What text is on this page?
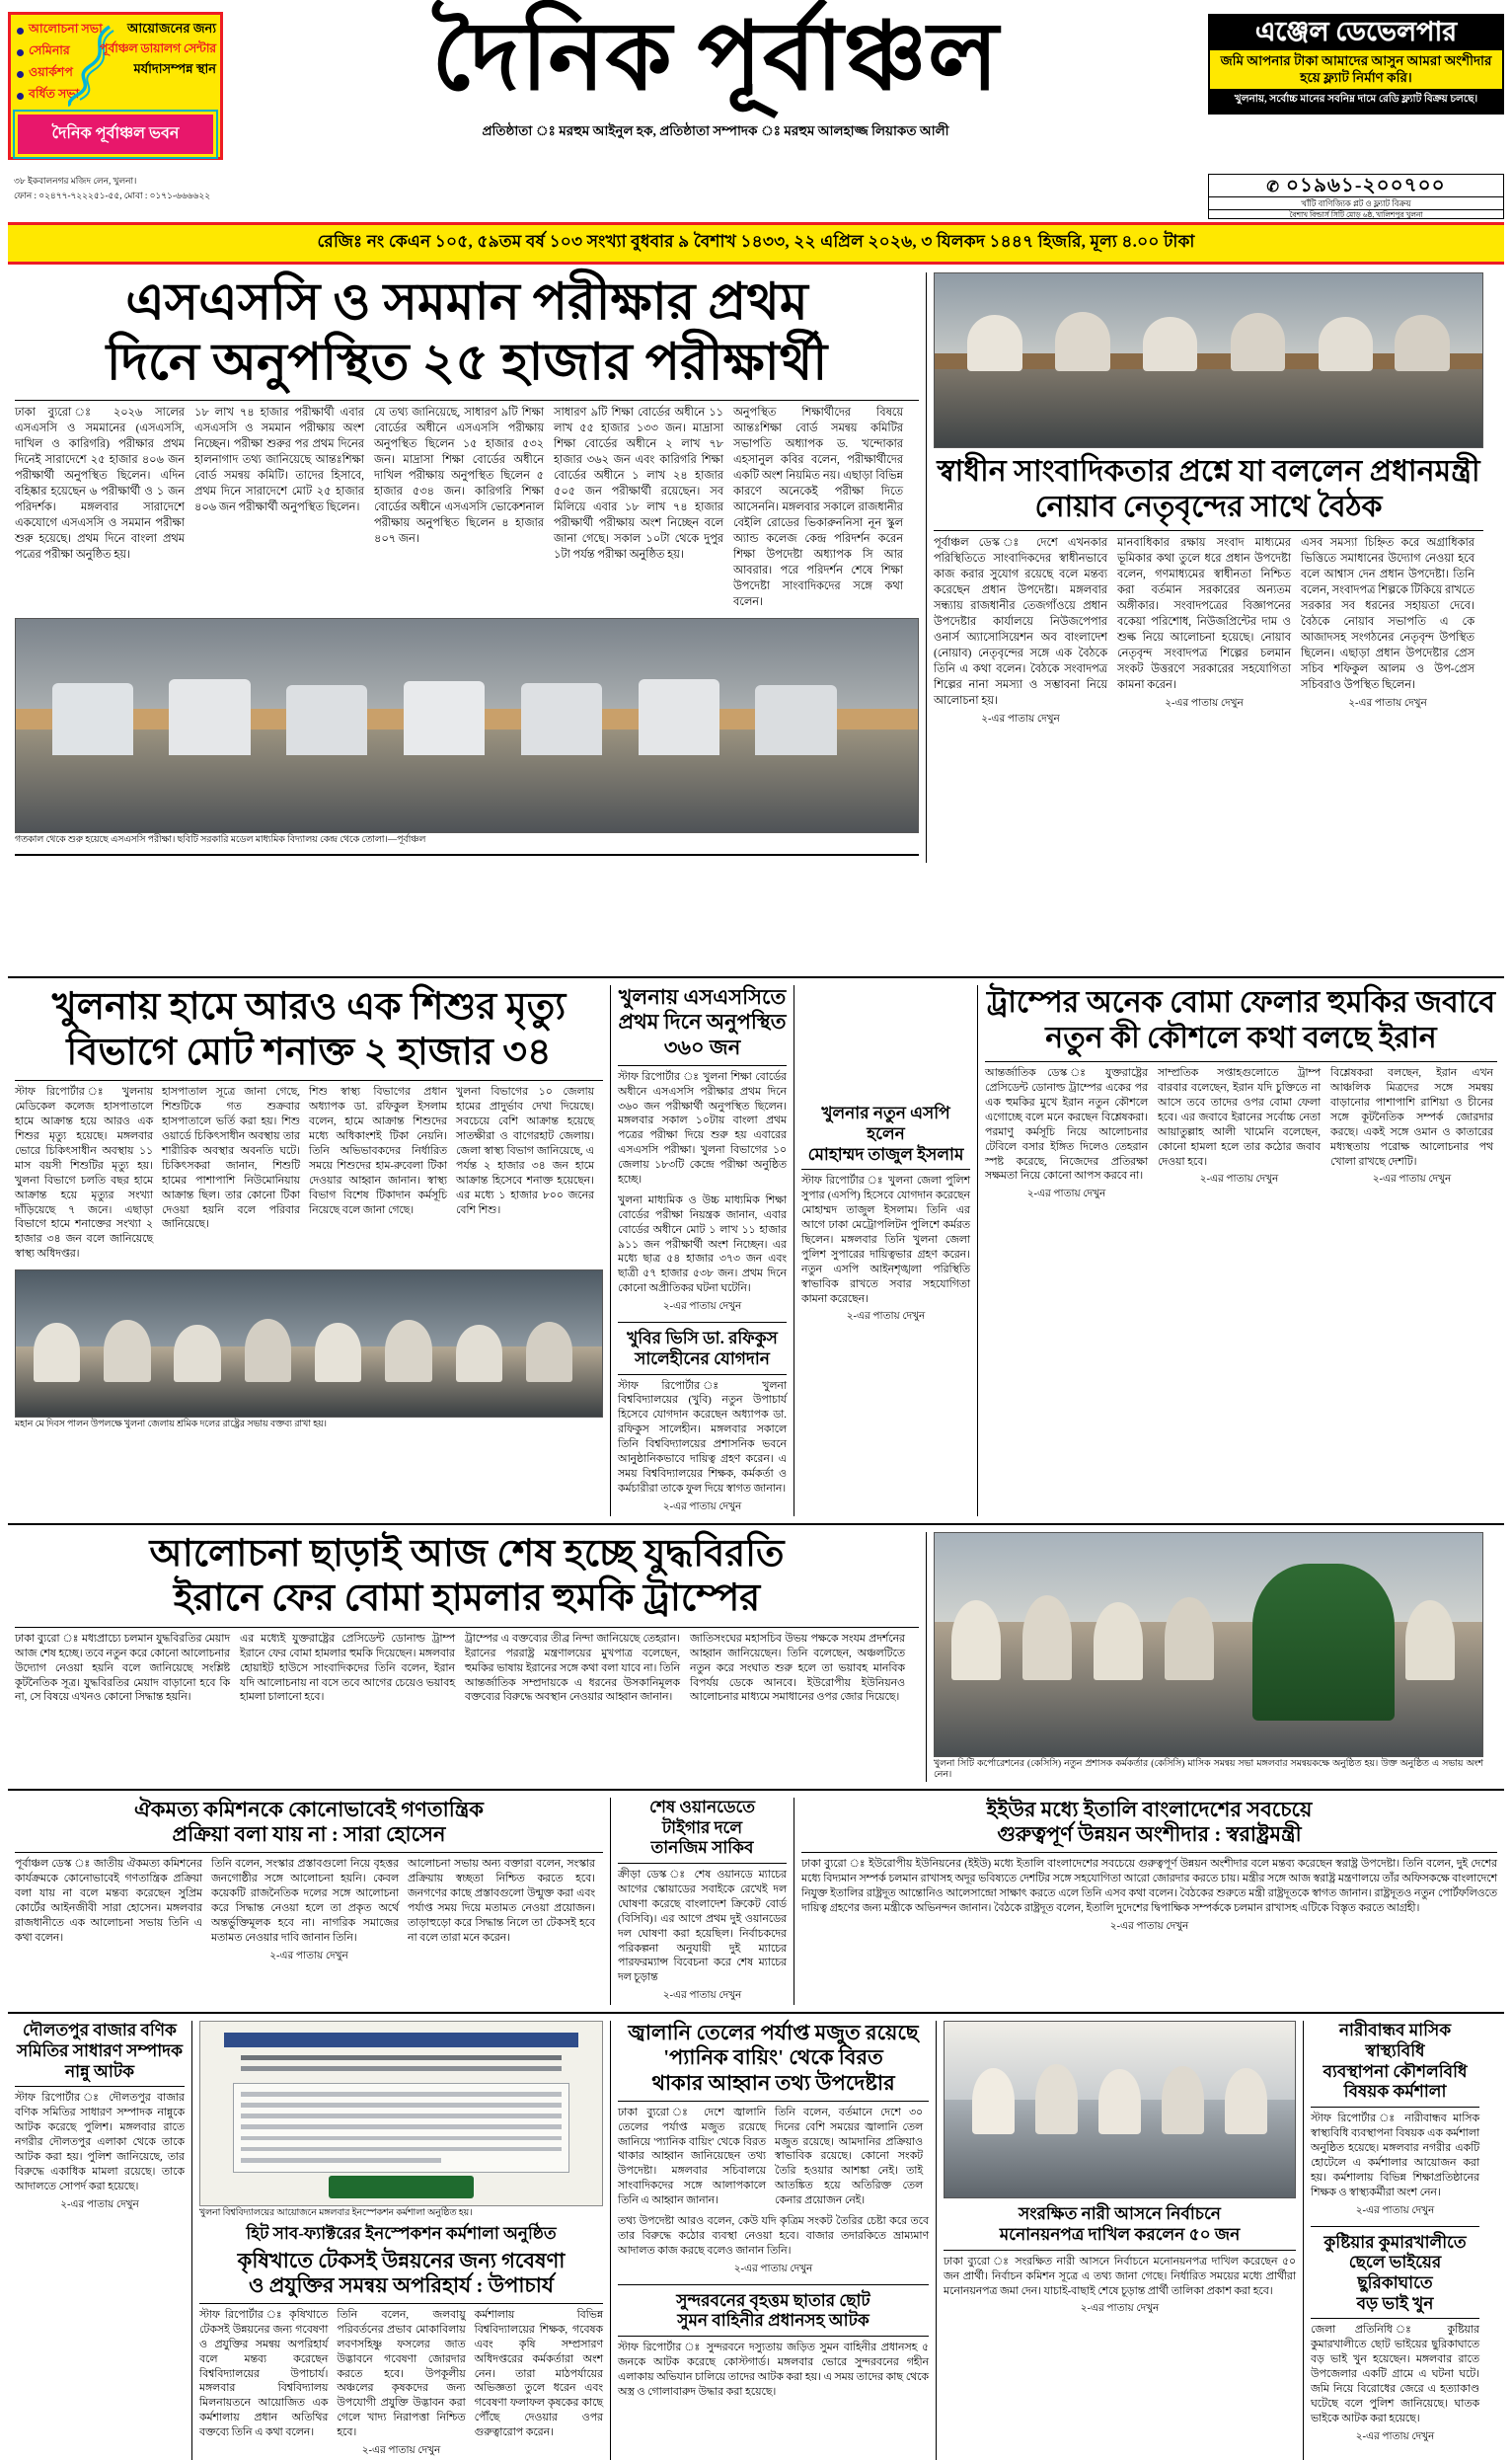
আলোচনা সভা
সেমিনার
ওয়ার্কশপ
বর্ধিত সভা
আয়োজনের জন্য
পূর্বাঞ্চল ডায়ালগ সেন্টার
মর্যাদাসম্পন্ন স্থান
দৈনিক পূর্বাঞ্চল ভবন
দৈনিক পূর্বাঞ্চল
প্রতিষ্ঠাতা ঃ মরহুম আইনুল হক, প্রতিষ্ঠাতা সম্পাদক ঃ মরহুম আলহাজ্জ লিয়াকত আলী
এঞ্জেল ডেভেলপার
জমি আপনার টাকা আমাদের আসুন আমরা অংশীদার হয়ে ফ্ল্যাট নির্মাণ করি।
খুলনায়, সর্বোচ্চ মানের সবনিম্ন দামে রেডি ফ্ল্যাট বিক্রয় চলছে।
৩৮ ইকবালনগর মজিদ লেন, খুলনা।
ফোন : ০২৪৭৭-৭২২২৫১-৫৫, মোবা : ০১৭১-৬৬৬৬২২	✆ ০১৯৬১-২০০৭০০
খাঁটি বাণিজ্যিক প্লট ও ফ্ল্যাট বিক্রয়
বৈশাখ বিল্ডার্স সিটি মোড় ৬ষ্ঠ, খালিশপুর খুলনা
রেজিঃ নং কেএন ১০৫, ৫৯তম বর্ষ ১০৩ সংখ্যা বুধবার ৯ বৈশাখ ১৪৩৩, ২২ এপ্রিল ২০২৬, ৩ যিলকদ ১৪৪৭ হিজরি, মূল্য ৪.০০ টাকা
এসএসসি ও সমমান পরীক্ষার প্রথম
দিনে অনুপস্থিত ২৫ হাজার পরীক্ষার্থী

ঢাকা ব্যুরো ঃ ২০২৬ সালের এসএসসি ও সমমানের (এসএসসি, দাখিল ও কারিগরি) পরীক্ষার প্রথম দিনেই সারাদেশে ২৫ হাজার ৪০৬ জন পরীক্ষার্থী অনুপস্থিত ছিলেন। এদিন বহিষ্কার হয়েছেন ৬ পরীক্ষার্থী ও ১ জন পরিদর্শক। মঙ্গলবার সারাদেশে একযোগে এসএসসি ও সমমান পরীক্ষা শুরু হয়েছে। প্রথম দিনে বাংলা প্রথম পত্রের পরীক্ষা অনুষ্ঠিত হয়।

১৮ লাখ ৭৪ হাজার পরীক্ষার্থী এবার এসএসসি ও সমমান পরীক্ষায় অংশ নিচ্ছেন। পরীক্ষা শুরুর পর প্রথম দিনের হালনাগাদ তথ্য জানিয়েছে আন্তঃশিক্ষা বোর্ড সমন্বয় কমিটি। তাদের হিসাবে, প্রথম দিনে সারাদেশে মোট ২৫ হাজার ৪০৬ জন পরীক্ষার্থী অনুপস্থিত ছিলেন।

যে তথ্য জানিয়েছে, সাধারণ ৯টি শিক্ষা বোর্ডের অধীনে এসএসসি পরীক্ষায় অনুপস্থিত ছিলেন ১৫ হাজার ৫৩২ জন। মাদ্রাসা শিক্ষা বোর্ডের অধীনে দাখিল পরীক্ষায় অনুপস্থিত ছিলেন ৫ হাজার ৫৩৪ জন। কারিগরি শিক্ষা বোর্ডের অধীনে এসএসসি ভোকেশনাল পরীক্ষায় অনুপস্থিত ছিলেন ৪ হাজার ৪০৭ জন।

সাধারণ ৯টি শিক্ষা বোর্ডের অধীনে ১১ লাখ ৫৫ হাজার ১৩৩ জন। মাদ্রাসা শিক্ষা বোর্ডের অধীনে ২ লাখ ৭৮ হাজার ৩৬২ জন এবং কারিগরি শিক্ষা বোর্ডের অধীনে ১ লাখ ২৪ হাজার ৫০৫ জন পরীক্ষার্থী রয়েছেন। সব মিলিয়ে এবার ১৮ লাখ ৭৪ হাজার পরীক্ষার্থী পরীক্ষায় অংশ নিচ্ছেন বলে জানা গেছে। সকাল ১০টা থেকে দুপুর ১টা পর্যন্ত পরীক্ষা অনুষ্ঠিত হয়।

অনুপস্থিত শিক্ষার্থীদের বিষয়ে আন্তঃশিক্ষা বোর্ড সমন্বয় কমিটির সভাপতি অধ্যাপক ড. খন্দোকার এহসানুল কবির বলেন, পরীক্ষার্থীদের একটি অংশ নিয়মিত নয়। এছাড়া বিভিন্ন কারণে অনেকেই পরীক্ষা দিতে আসেননি। মঙ্গলবার সকালে রাজধানীর বেইলি রোডের ভিকারুননিসা নূন স্কুল অ্যান্ড কলেজ কেন্দ্র পরিদর্শন করেন শিক্ষা উপদেষ্টা অধ্যাপক সি আর আবরার। পরে পরিদর্শন শেষে শিক্ষা উপদেষ্টা সাংবাদিকদের সঙ্গে কথা বলেন।

গতকাল থেকে শুরু হয়েছে এসএসসি পরীক্ষা। ছবিটি সরকারি মডেল মাধ্যমিক বিদ্যালয় কেন্দ্র থেকে তোলা।—পূর্বাঞ্চল
স্বাধীন সাংবাদিকতার প্রশ্নে যা বললেন প্রধানমন্ত্রী
নোয়াব নেতৃবৃন্দের সাথে বৈঠক

পূর্বাঞ্চল ডেস্ক ঃ দেশে এখনকার পরিস্থিতিতে সাংবাদিকদের স্বাধীনভাবে কাজ করার সুযোগ রয়েছে বলে মন্তব্য করেছেন প্রধান উপদেষ্টা। মঙ্গলবার সন্ধ্যায় রাজধানীর তেজগাঁওয়ে প্রধান উপদেষ্টার কার্যালয়ে নিউজপেপার ওনার্স অ্যাসোসিয়েশন অব বাংলাদেশ (নোয়াব) নেতৃবৃন্দের সঙ্গে এক বৈঠকে তিনি এ কথা বলেন। বৈঠকে সংবাদপত্র শিল্পের নানা সমস্যা ও সম্ভাবনা নিয়ে আলোচনা হয়।

২-এর পাতায় দেখুন

মানবাধিকার রক্ষায় সংবাদ মাধ্যমের ভূমিকার কথা তুলে ধরে প্রধান উপদেষ্টা বলেন, গণমাধ্যমের স্বাধীনতা নিশ্চিত করা বর্তমান সরকারের অন্যতম অঙ্গীকার। সংবাদপত্রের বিজ্ঞাপনের বকেয়া পরিশোধ, নিউজপ্রিন্টের দাম ও শুল্ক নিয়ে আলোচনা হয়েছে। নোয়াব নেতৃবৃন্দ সংবাদপত্র শিল্পের চলমান সংকট উত্তরণে সরকারের সহযোগিতা কামনা করেন।

২-এর পাতায় দেখুন

এসব সমস্যা চিহ্নিত করে অগ্রাধিকার ভিত্তিতে সমাধানের উদ্যোগ নেওয়া হবে বলে আশ্বাস দেন প্রধান উপদেষ্টা। তিনি বলেন, সংবাদপত্র শিল্পকে টিকিয়ে রাখতে সরকার সব ধরনের সহায়তা দেবে। বৈঠকে নোয়াব সভাপতি এ কে আজাদসহ সংগঠনের নেতৃবৃন্দ উপস্থিত ছিলেন। এছাড়া প্রধান উপদেষ্টার প্রেস সচিব শফিকুল আলম ও উপ-প্রেস সচিবরাও উপস্থিত ছিলেন।

২-এর পাতায় দেখুন
খুলনায় হামে আরও এক শিশুর মৃত্যু
বিভাগে মোট শনাক্ত ২ হাজার ৩৪

স্টাফ রিপোর্টার ঃ খুলনায় মেডিকেল কলেজ হাসপাতালে হামে আক্রান্ত হয়ে আরও এক শিশুর মৃত্যু হয়েছে। মঙ্গলবার ভোরে চিকিৎসাধীন অবস্থায় ১১ মাস বয়সী শিশুটির মৃত্যু হয়। খুলনা বিভাগে চলতি বছর হামে আক্রান্ত হয়ে মৃত্যুর সংখ্যা দাঁড়িয়েছে ৭ জনে। এছাড়া বিভাগে হামে শনাক্তের সংখ্যা ২ হাজার ৩৪ জন বলে জানিয়েছে স্বাস্থ্য অধিদপ্তর।

হাসপাতাল সূত্রে জানা গেছে, শিশুটিকে গত শুক্রবার হাসপাতালে ভর্তি করা হয়। শিশু ওয়ার্ডে চিকিৎসাধীন অবস্থায় তার শারীরিক অবস্থার অবনতি ঘটে। চিকিৎসকরা জানান, শিশুটি হামের পাশাপাশি নিউমোনিয়ায় আক্রান্ত ছিল। তার কোনো টিকা দেওয়া হয়নি বলে পরিবার জানিয়েছে।

শিশু স্বাস্থ্য বিভাগের প্রধান অধ্যাপক ডা. রফিকুল ইসলাম বলেন, হামে আক্রান্ত শিশুদের মধ্যে অধিকাংশই টিকা নেয়নি। তিনি অভিভাবকদের নির্ধারিত সময়ে শিশুদের হাম-রুবেলা টিকা দেওয়ার আহ্বান জানান। স্বাস্থ্য বিভাগ বিশেষ টিকাদান কর্মসূচি নিয়েছে বলে জানা গেছে।

খুলনা বিভাগের ১০ জেলায় হামের প্রাদুর্ভাব দেখা দিয়েছে। সবচেয়ে বেশি আক্রান্ত হয়েছে সাতক্ষীরা ও বাগেরহাট জেলায়। জেলা স্বাস্থ্য বিভাগ জানিয়েছে, এ পর্যন্ত ২ হাজার ৩৪ জন হামে আক্রান্ত হিসেবে শনাক্ত হয়েছেন। এর মধ্যে ১ হাজার ৮০০ জনের বেশি শিশু।

মহান মে দিবস পালন উপলক্ষে খুলনা জেলায় শ্রমিক দলের রাষ্ট্রের সভায় বক্তব্য রাখা হয়।
খুলনায় এসএসসিতে
প্রথম দিনে অনুপস্থিত
৩৬০ জন

স্টাফ রিপোর্টার ঃ খুলনা শিক্ষা বোর্ডের অধীনে এসএসসি পরীক্ষার প্রথম দিনে ৩৬০ জন পরীক্ষার্থী অনুপস্থিত ছিলেন। মঙ্গলবার সকাল ১০টায় বাংলা প্রথম পত্রের পরীক্ষা দিয়ে শুরু হয় এবারের এসএসসি পরীক্ষা। খুলনা বিভাগের ১০ জেলায় ১৮৩টি কেন্দ্রে পরীক্ষা অনুষ্ঠিত হচ্ছে।

খুলনা মাধ্যমিক ও উচ্চ মাধ্যমিক শিক্ষা বোর্ডের পরীক্ষা নিয়ন্ত্রক জানান, এবার বোর্ডের অধীনে মোট ১ লাখ ১১ হাজার ৯১১ জন পরীক্ষার্থী অংশ নিচ্ছেন। এর মধ্যে ছাত্র ৫৪ হাজার ৩৭৩ জন এবং ছাত্রী ৫৭ হাজার ৫৩৮ জন। প্রথম দিনে কোনো অপ্রীতিকর ঘটনা ঘটেনি।

২-এর পাতায় দেখুন
খুবির ভিসি ডা. রফিকুস
সালেহীনের যোগদান

স্টাফ রিপোর্টার ঃ খুলনা বিশ্ববিদ্যালয়ের (খুবি) নতুন উপাচার্য হিসেবে যোগদান করেছেন অধ্যাপক ডা. রফিকুস সালেহীন। মঙ্গলবার সকালে তিনি বিশ্ববিদ্যালয়ের প্রশাসনিক ভবনে আনুষ্ঠানিকভাবে দায়িত্ব গ্রহণ করেন। এ সময় বিশ্ববিদ্যালয়ের শিক্ষক, কর্মকর্তা ও কর্মচারীরা তাকে ফুল দিয়ে স্বাগত জানান।

২-এর পাতায় দেখুন
খুলনার নতুন এসপি হলেন
মোহাম্মদ তাজুল ইসলাম

স্টাফ রিপোর্টার ঃ খুলনা জেলা পুলিশ সুপার (এসপি) হিসেবে যোগদান করেছেন মোহাম্মদ তাজুল ইসলাম। তিনি এর আগে ঢাকা মেট্রোপলিটন পুলিশে কর্মরত ছিলেন। মঙ্গলবার তিনি খুলনা জেলা পুলিশ সুপারের দায়িত্বভার গ্রহণ করেন। নতুন এসপি আইনশৃঙ্খলা পরিস্থিতি স্বাভাবিক রাখতে সবার সহযোগিতা কামনা করেছেন।

২-এর পাতায় দেখুন
ট্রাম্পের অনেক বোমা ফেলার হুমকির জবাবে
নতুন কী কৌশলে কথা বলছে ইরান

আন্তর্জাতিক ডেস্ক ঃ যুক্তরাষ্ট্রের প্রেসিডেন্ট ডোনাল্ড ট্রাম্পের একের পর এক হুমকির মুখে ইরান নতুন কৌশলে এগোচ্ছে বলে মনে করছেন বিশ্লেষকরা। পরমাণু কর্মসূচি নিয়ে আলোচনার টেবিলে বসার ইঙ্গিত দিলেও তেহরান স্পষ্ট করেছে, নিজেদের প্রতিরক্ষা সক্ষমতা নিয়ে কোনো আপস করবে না।

২-এর পাতায় দেখুন

সাম্প্রতিক সপ্তাহগুলোতে ট্রাম্প বারবার বলেছেন, ইরান যদি চুক্তিতে না আসে তবে তাদের ওপর বোমা ফেলা হবে। এর জবাবে ইরানের সর্বোচ্চ নেতা আয়াতুল্লাহ আলী খামেনি বলেছেন, কোনো হামলা হলে তার কঠোর জবাব দেওয়া হবে।

২-এর পাতায় দেখুন

বিশ্লেষকরা বলছেন, ইরান এখন আঞ্চলিক মিত্রদের সঙ্গে সমন্বয় বাড়ানোর পাশাপাশি রাশিয়া ও চীনের সঙ্গে কূটনৈতিক সম্পর্ক জোরদার করছে। একই সঙ্গে ওমান ও কাতারের মধ্যস্থতায় পরোক্ষ আলোচনার পথ খোলা রাখছে দেশটি।

২-এর পাতায় দেখুন
আলোচনা ছাড়াই আজ শেষ হচ্ছে যুদ্ধবিরতি
ইরানে ফের বোমা হামলার হুমকি ট্রাম্পের

ঢাকা ব্যুরো ঃ মধ্যপ্রাচ্যে চলমান যুদ্ধবিরতির মেয়াদ আজ শেষ হচ্ছে। তবে নতুন করে কোনো আলোচনার উদ্যোগ নেওয়া হয়নি বলে জানিয়েছে সংশ্লিষ্ট কূটনৈতিক সূত্র। যুদ্ধবিরতির মেয়াদ বাড়ানো হবে কি না, সে বিষয়ে এখনও কোনো সিদ্ধান্ত হয়নি।

এর মধ্যেই যুক্তরাষ্ট্রের প্রেসিডেন্ট ডোনাল্ড ট্রাম্প ইরানে ফের বোমা হামলার হুমকি দিয়েছেন। মঙ্গলবার হোয়াইট হাউসে সাংবাদিকদের তিনি বলেন, ইরান যদি আলোচনায় না বসে তবে আগের চেয়েও ভয়াবহ হামলা চালানো হবে।

ট্রাম্পের এ বক্তব্যের তীব্র নিন্দা জানিয়েছে তেহরান। ইরানের পররাষ্ট্র মন্ত্রণালয়ের মুখপাত্র বলেছেন, হুমকির ভাষায় ইরানের সঙ্গে কথা বলা যাবে না। তিনি আন্তর্জাতিক সম্প্রদায়কে এ ধরনের উসকানিমূলক বক্তব্যের বিরুদ্ধে অবস্থান নেওয়ার আহ্বান জানান।

জাতিসংঘের মহাসচিব উভয় পক্ষকে সংযম প্রদর্শনের আহ্বান জানিয়েছেন। তিনি বলেছেন, অঞ্চলটিতে নতুন করে সংঘাত শুরু হলে তা ভয়াবহ মানবিক বিপর্যয় ডেকে আনবে। ইউরোপীয় ইউনিয়নও আলোচনার মাধ্যমে সমাধানের ওপর জোর দিয়েছে।

খুলনা সিটি কর্পোরেশনের (কেসিসি) নতুন প্রশাসক কর্মকর্তার (কেসিসি) মাসিক সমন্বয় সভা মঙ্গলবার সমন্বয়কক্ষে অনুষ্ঠিত হয়। উক্ত অনুষ্ঠিত এ সভায় অংশ নেন।
ঐকমত্য কমিশনকে কোনোভাবেই গণতান্ত্রিক
প্রক্রিয়া বলা যায় না : সারা হোসেন

পূর্বাঞ্চল ডেস্ক ঃ জাতীয় ঐকমত্য কমিশনের কার্যক্রমকে কোনোভাবেই গণতান্ত্রিক প্রক্রিয়া বলা যায় না বলে মন্তব্য করেছেন সুপ্রিম কোর্টের আইনজীবী সারা হোসেন। মঙ্গলবার রাজধানীতে এক আলোচনা সভায় তিনি এ কথা বলেন।

তিনি বলেন, সংস্কার প্রস্তাবগুলো নিয়ে বৃহত্তর জনগোষ্ঠীর সঙ্গে আলোচনা হয়নি। কেবল কয়েকটি রাজনৈতিক দলের সঙ্গে আলোচনা করে সিদ্ধান্ত নেওয়া হলে তা প্রকৃত অর্থে অন্তর্ভুক্তিমূলক হবে না। নাগরিক সমাজের মতামত নেওয়ার দাবি জানান তিনি।

আলোচনা সভায় অন্য বক্তারা বলেন, সংস্কার প্রক্রিয়ায় স্বচ্ছতা নিশ্চিত করতে হবে। জনগণের কাছে প্রস্তাবগুলো উন্মুক্ত করা এবং পর্যাপ্ত সময় দিয়ে মতামত নেওয়া প্রয়োজন। তাড়াহুড়ো করে সিদ্ধান্ত নিলে তা টেকসই হবে না বলে তারা মনে করেন।

২-এর পাতায় দেখুন
শেষ ওয়ানডেতে
টাইগার দলে
তানজিম সাকিব

ক্রীড়া ডেস্ক ঃ শেষ ওয়ানডে ম্যাচের আগের স্কোয়াডের সবাইকে রেখেই দল ঘোষণা করেছে বাংলাদেশ ক্রিকেট বোর্ড (বিসিবি)। এর আগে প্রথম দুই ওয়ানডের দল ঘোষণা করা হয়েছিল। নির্বাচকদের পরিকল্পনা অনুযায়ী দুই ম্যাচের পারফরম্যান্স বিবেচনা করে শেষ ম্যাচের দল চূড়ান্ত

২-এর পাতায় দেখুন
ইইউর মধ্যে ইতালি বাংলাদেশের সবচেয়ে
গুরুত্বপূর্ণ উন্নয়ন অংশীদার : স্বরাষ্ট্রমন্ত্রী

ঢাকা ব্যুরো ঃ ইউরোপীয় ইউনিয়নের (ইইউ) মধ্যে ইতালি বাংলাদেশের সবচেয়ে গুরুত্বপূর্ণ উন্নয়ন অংশীদার বলে মন্তব্য করেছেন স্বরাষ্ট্র উপদেষ্টা। তিনি বলেন, দুই দেশের মধ্যে বিদ্যমান সম্পর্ক চলমান রাখাসহ অদূর ভবিষ্যতে দেশটির সঙ্গে সহযোগিতা আরো জোরদার করতে চায়। মন্ত্রীর সঙ্গে আজ স্বরাষ্ট্র মন্ত্রণালয়ে তাঁর অফিসকক্ষে বাংলাদেশে নিযুক্ত ইতালির রাষ্ট্রদূত আন্তোনিও আলেসান্দ্রো সাক্ষাৎ করতে এলে তিনি এসব কথা বলেন। বৈঠকের শুরুতে মন্ত্রী রাষ্ট্রদূতকে স্বাগত জানান। রাষ্ট্রদূতও নতুন পোর্টফলিওতে দায়িত্ব গ্রহণের জন্য মন্ত্রীকে অভিনন্দন জানান। বৈঠকে রাষ্ট্রদূত বলেন, ইতালি দুদেশের দ্বিপাক্ষিক সম্পর্ককে চলমান রাখাসহ এটিকে বিস্তৃত করতে আগ্রহী।

২-এর পাতায় দেখুন
দৌলতপুর বাজার বণিক
সমিতির সাধারণ সম্পাদক
নান্নু আটক

স্টাফ রিপোর্টার ঃ দৌলতপুর বাজার বণিক সমিতির সাধারণ সম্পাদক নান্নুকে আটক করেছে পুলিশ। মঙ্গলবার রাতে নগরীর দৌলতপুর এলাকা থেকে তাকে আটক করা হয়। পুলিশ জানিয়েছে, তার বিরুদ্ধে একাধিক মামলা রয়েছে। তাকে আদালতে সোপর্দ করা হয়েছে।

২-এর পাতায় দেখুন
খুলনা বিশ্ববিদ্যালয়ের আয়োজনে মঙ্গলবার ইনস্পেকশন কর্মশালা অনুষ্ঠিত হয়।
হিট সাব-ফ্যাক্টরের ইনস্পেকশন কর্মশালা অনুষ্ঠিত
কৃষিখাতে টেকসই উন্নয়নের জন্য গবেষণা
ও প্রযুক্তির সমন্বয় অপরিহার্য : উপাচার্য

স্টাফ রিপোর্টার ঃ কৃষিখাতে টেকসই উন্নয়নের জন্য গবেষণা ও প্রযুক্তির সমন্বয় অপরিহার্য বলে মন্তব্য করেছেন বিশ্ববিদ্যালয়ের উপাচার্য। মঙ্গলবার বিশ্ববিদ্যালয় মিলনায়তনে আয়োজিত এক কর্মশালায় প্রধান অতিথির বক্তব্যে তিনি এ কথা বলেন।

তিনি বলেন, জলবায়ু পরিবর্তনের প্রভাব মোকাবিলায় লবণসহিষ্ণু ফসলের জাত উদ্ভাবনে গবেষণা জোরদার করতে হবে। উপকূলীয় অঞ্চলের কৃষকদের জন্য উপযোগী প্রযুক্তি উদ্ভাবন করা গেলে খাদ্য নিরাপত্তা নিশ্চিত হবে।

কর্মশালায় বিভিন্ন বিশ্ববিদ্যালয়ের শিক্ষক, গবেষক এবং কৃষি সম্প্রসারণ অধিদপ্তরের কর্মকর্তারা অংশ নেন। তারা মাঠপর্যায়ের অভিজ্ঞতা তুলে ধরেন এবং গবেষণা ফলাফল কৃষকের কাছে পৌঁছে দেওয়ার ওপর গুরুত্বারোপ করেন।

২-এর পাতায় দেখুন
জ্বালানি তেলের পর্যাপ্ত মজুত রয়েছে
'প্যানিক বায়িং' থেকে বিরত
থাকার আহ্বান তথ্য উপদেষ্টার

ঢাকা ব্যুরো ঃ দেশে জ্বালানি তেলের পর্যাপ্ত মজুত রয়েছে জানিয়ে 'প্যানিক বায়িং' থেকে বিরত থাকার আহ্বান জানিয়েছেন তথ্য উপদেষ্টা। মঙ্গলবার সচিবালয়ে সাংবাদিকদের সঙ্গে আলাপকালে তিনি এ আহ্বান জানান।

তিনি বলেন, বর্তমানে দেশে ৩০ দিনের বেশি সময়ের জ্বালানি তেল মজুত রয়েছে। আমদানির প্রক্রিয়াও স্বাভাবিক রয়েছে। কোনো সংকট তৈরি হওয়ার আশঙ্কা নেই। তাই আতঙ্কিত হয়ে অতিরিক্ত তেল কেনার প্রয়োজন নেই।

তথ্য উপদেষ্টা আরও বলেন, কেউ যদি কৃত্রিম সংকট তৈরির চেষ্টা করে তবে তার বিরুদ্ধে কঠোর ব্যবস্থা নেওয়া হবে। বাজার তদারকিতে ভ্রাম্যমাণ আদালত কাজ করছে বলেও জানান তিনি।

২-এর পাতায় দেখুন
সুন্দরবনের বৃহত্তম ছাতার ছোট
সুমন বাহিনীর প্রধানসহ আটক

স্টাফ রিপোর্টার ঃ সুন্দরবনে দস্যুতায় জড়িত সুমন বাহিনীর প্রধানসহ ৫ জনকে আটক করেছে কোস্টগার্ড। মঙ্গলবার ভোরে সুন্দরবনের গহীন এলাকায় অভিযান চালিয়ে তাদের আটক করা হয়। এ সময় তাদের কাছ থেকে অস্ত্র ও গোলাবারুদ উদ্ধার করা হয়েছে।

সংরক্ষিত নারী আসনে নির্বাচনে
মনোনয়নপত্র দাখিল করলেন ৫০ জন

ঢাকা ব্যুরো ঃ সংরক্ষিত নারী আসনে নির্বাচনে মনোনয়নপত্র দাখিল করেছেন ৫০ জন প্রার্থী। নির্বাচন কমিশন সূত্রে এ তথ্য জানা গেছে। নির্ধারিত সময়ের মধ্যে প্রার্থীরা মনোনয়নপত্র জমা দেন। যাচাই-বাছাই শেষে চূড়ান্ত প্রার্থী তালিকা প্রকাশ করা হবে।

২-এর পাতায় দেখুন
নারীবান্ধব মাসিক স্বাস্থ্যবিধি
ব্যবস্থাপনা কৌশলবিধি
বিষয়ক কর্মশালা

স্টাফ রিপোর্টার ঃ নারীবান্ধব মাসিক স্বাস্থ্যবিধি ব্যবস্থাপনা বিষয়ক এক কর্মশালা অনুষ্ঠিত হয়েছে। মঙ্গলবার নগরীর একটি হোটেলে এ কর্মশালার আয়োজন করা হয়। কর্মশালায় বিভিন্ন শিক্ষাপ্রতিষ্ঠানের শিক্ষক ও স্বাস্থ্যকর্মীরা অংশ নেন।

২-এর পাতায় দেখুন
কুষ্টিয়ার কুমারখালীতে
ছেলে ভাইয়ের ছুরিকাঘাতে
বড় ভাই খুন

জেলা প্রতিনিধি ঃ কুষ্টিয়ার কুমারখালীতে ছোট ভাইয়ের ছুরিকাঘাতে বড় ভাই খুন হয়েছেন। মঙ্গলবার রাতে উপজেলার একটি গ্রামে এ ঘটনা ঘটে। জমি নিয়ে বিরোধের জেরে এ হত্যাকাণ্ড ঘটেছে বলে পুলিশ জানিয়েছে। ঘাতক ভাইকে আটক করা হয়েছে।

২-এর পাতায় দেখুন
